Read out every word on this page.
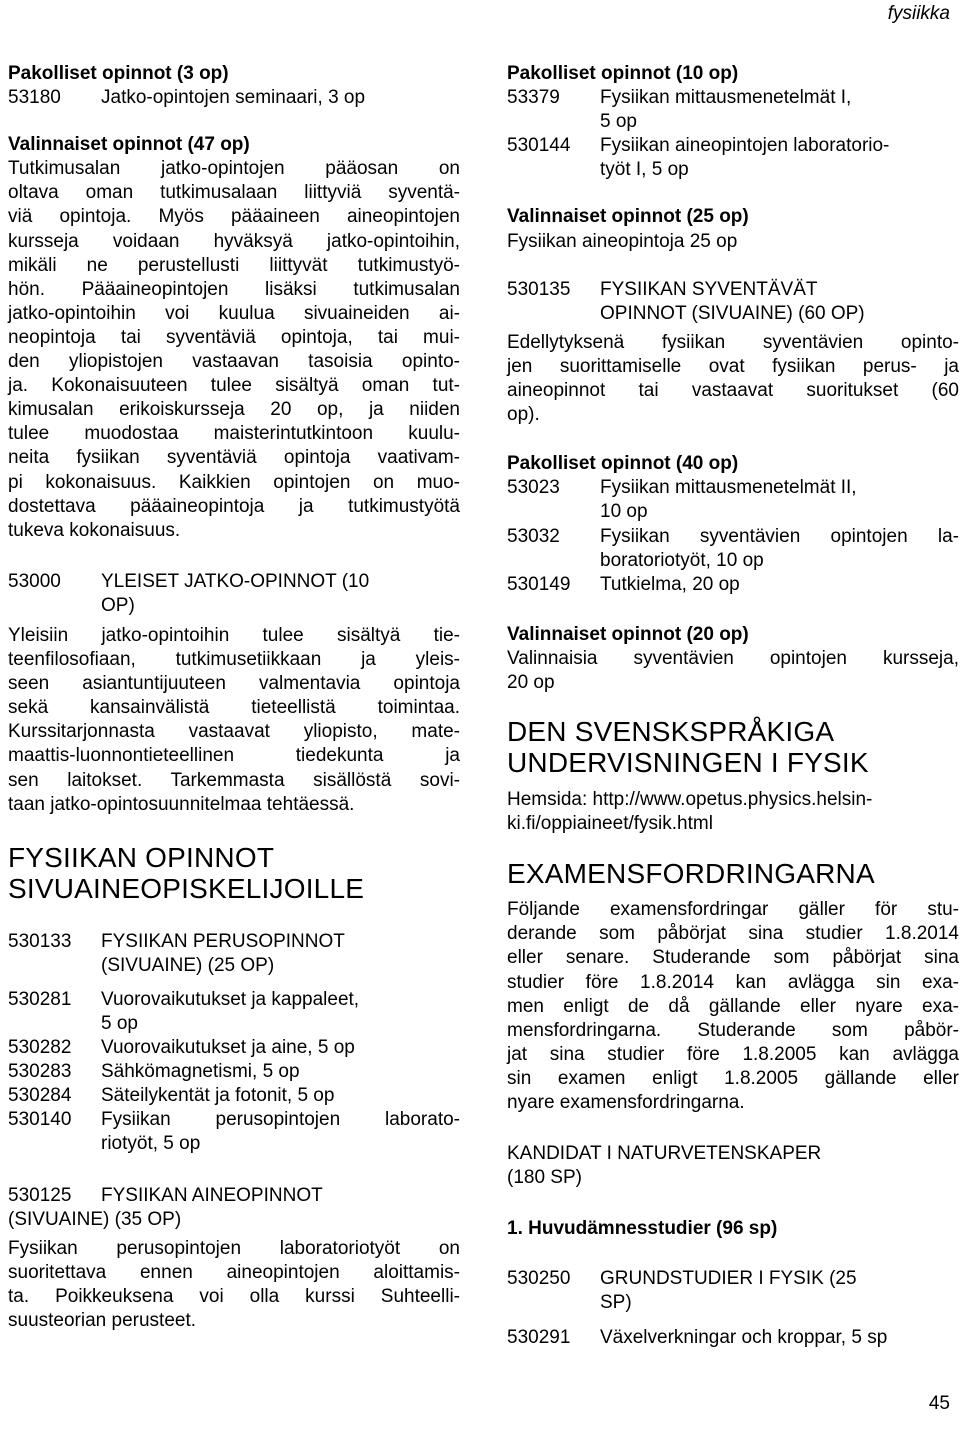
fysiikka
Pakolliset opinnot (3 op)
53180	Jatko-opintojen seminaari, 3 op
Valinnaiset opinnot (47 op)
Tutkimusalan jatko-opintojen pääosan on
oltava oman tutkimusalaan liittyviä syventä-
viä opintoja. Myös pääaineen aineopintojen
kursseja voidaan hyväksyä jatko-opintoihin,
mikäli ne perustellusti liittyvät tutkimustyö-
hön. Pääaineopintojen lisäksi tutkimusalan
jatko-opintoihin voi kuulua sivuaineiden ai-
neopintoja tai syventäviä opintoja, tai mui-
den yliopistojen vastaavan tasoisia opinto-
ja. Kokonaisuuteen tulee sisältyä oman tut-
kimusalan erikoiskursseja 20 op, ja niiden
tulee muodostaa maisterintutkintoon kuulu-
neita fysiikan syventäviä opintoja vaativam-
pi kokonaisuus. Kaikkien opintojen on muo-
dostettava pääaineopintoja ja tutkimustyötä
tukeva kokonaisuus.
53000	YLEISET JATKO-OPINNOT (10
OP)
Yleisiin jatko-opintoihin tulee sisältyä tie-
teenfilosofiaan, tutkimusetiikkaan ja yleis-
seen asiantuntijuuteen valmentavia opintoja
sekä kansainvälistä tieteellistä toimintaa.
Kurssitarjonnasta vastaavat yliopisto, mate-
maattis-luonnontieteellinen tiedekunta ja
sen laitokset. Tarkemmasta sisällöstä sovi-
taan jatko-opintosuunnitelmaa tehtäessä.
FYSIIKAN OPINNOT
SIVUAINEOPISKELIJOILLE
530133	FYSIIKAN PERUSOPINNOT
(SIVUAINE) (25 OP)
530281	Vuorovaikutukset ja kappaleet,
5 op
530282	Vuorovaikutukset ja aine, 5 op
530283	Sähkömagnetismi, 5 op
530284	Säteilykentät ja fotonit, 5 op
530140	Fysiikan perusopintojen laborato-
riotyöt, 5 op
530125	FYSIIKAN AINEOPINNOT
(SIVUAINE) (35 OP)
Fysiikan perusopintojen laboratoriotyöt on
suoritettava ennen aineopintojen aloittamis-
ta. Poikkeuksena voi olla kurssi Suhteelli-
suusteorian perusteet.
Pakolliset opinnot (10 op)
53379	Fysiikan mittausmenetelmät I,
5 op
530144	Fysiikan aineopintojen laboratorio-
työt I, 5 op
Valinnaiset opinnot (25 op)
Fysiikan aineopintoja 25 op
530135	FYSIIKAN SYVENTÄVÄT
OPINNOT (SIVUAINE) (60 OP)
Edellytyksenä fysiikan syventävien opinto-
jen suorittamiselle ovat fysiikan perus- ja
aineopinnot tai vastaavat suoritukset (60
op).
Pakolliset opinnot (40 op)
53023	Fysiikan mittausmenetelmät II,
10 op
53032	Fysiikan syventävien opintojen la-
boratoriotyöt, 10 op
530149	Tutkielma, 20 op
Valinnaiset opinnot (20 op)
Valinnaisia syventävien opintojen kursseja,
20 op
DEN SVENSKSPRÅKIGA
UNDERVISNINGEN I FYSIK
Hemsida: http://www.opetus.physics.helsin-
ki.fi/oppiaineet/fysik.html
EXAMENSFORDRINGARNA
Följande examensfordringar gäller för stu-
derande som påbörjat sina studier 1.8.2014
eller senare. Studerande som påbörjat sina
studier före 1.8.2014 kan avlägga sin exa-
men enligt de då gällande eller nyare exa-
mensfordringarna. Studerande som påbör-
jat sina studier före 1.8.2005 kan avlägga
sin examen enligt 1.8.2005 gällande eller
nyare examensfordringarna.
KANDIDAT I NATURVETENSKAPER
(180 SP)
1. Huvudämnesstudier (96 sp)
530250	GRUNDSTUDIER I FYSIK (25
SP)
530291	Växelverkningar och kroppar, 5 sp
45
